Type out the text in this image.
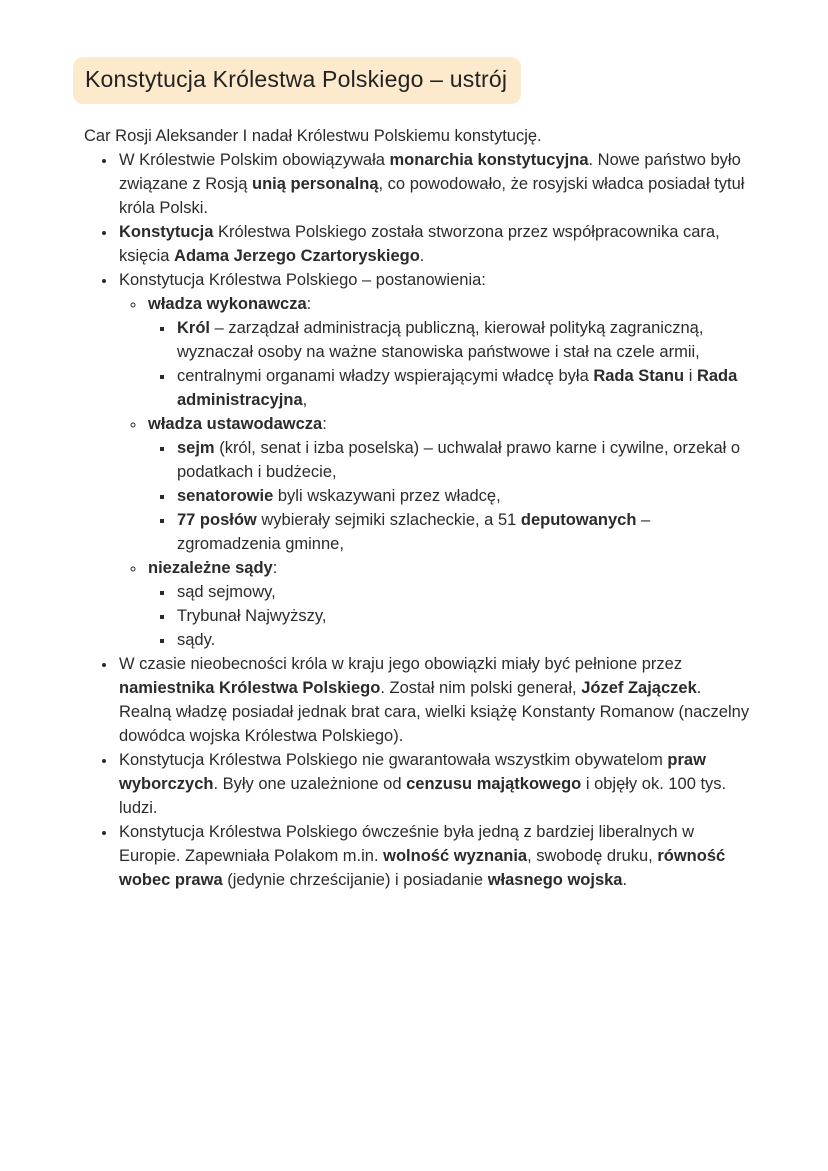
Konstytucja Królestwa Polskiego – ustrój

Car Rosji Aleksander I nadał Królestwu Polskiemu konstytucję.

• W Królestwie Polskim obowiązywała monarchia konstytucyjna. Nowe państwo było związane z Rosją unią personalną, co powodowało, że rosyjski władca posiadał tytuł króla Polski.
• Konstytucja Królestwa Polskiego została stworzona przez współpracownika cara, księcia Adama Jerzego Czartoryskiego.
• Konstytucja Królestwa Polskiego – postanowienia:
◦ władza wykonawcza:
▪ Król – zarządzał administracją publiczną, kierował polityką zagraniczną, wyznaczał osoby na ważne stanowiska państwowe i stał na czele armii,
▪ centralnymi organami władzy wspierającymi władcę była Rada Stanu i Rada administracyjna,
◦ władza ustawodawcza:
▪ sejm (król, senat i izba poselska) – uchwalał prawo karne i cywilne, orzekał o podatkach i budżecie,
▪ senatorowie byli wskazywani przez władcę,
▪ 77 posłów wybierały sejmiki szlacheckie, a 51 deputowanych – zgromadzenia gminne,
◦ niezależne sądy:
▪ sąd sejmowy,
▪ Trybunał Najwyższy,
▪ sądy.
• W czasie nieobecności króla w kraju jego obowiązki miały być pełnione przez namiestnika Królestwa Polskiego. Został nim polski generał, Józef Zajączek. Realną władzę posiadał jednak brat cara, wielki książę Konstanty Romanow (naczelny dowódca wojska Królestwa Polskiego).
• Konstytucja Królestwa Polskiego nie gwarantowała wszystkim obywatelom praw wyborczych. Były one uzależnione od cenzusu majątkowego i objęły ok. 100 tys. ludzi.
• Konstytucja Królestwa Polskiego ówcześnie była jedną z bardziej liberalnych w Europie. Zapewniała Polakom m.in. wolność wyznania, swobodę druku, równość wobec prawa (jedynie chrześcijanie) i posiadanie własnego wojska.
